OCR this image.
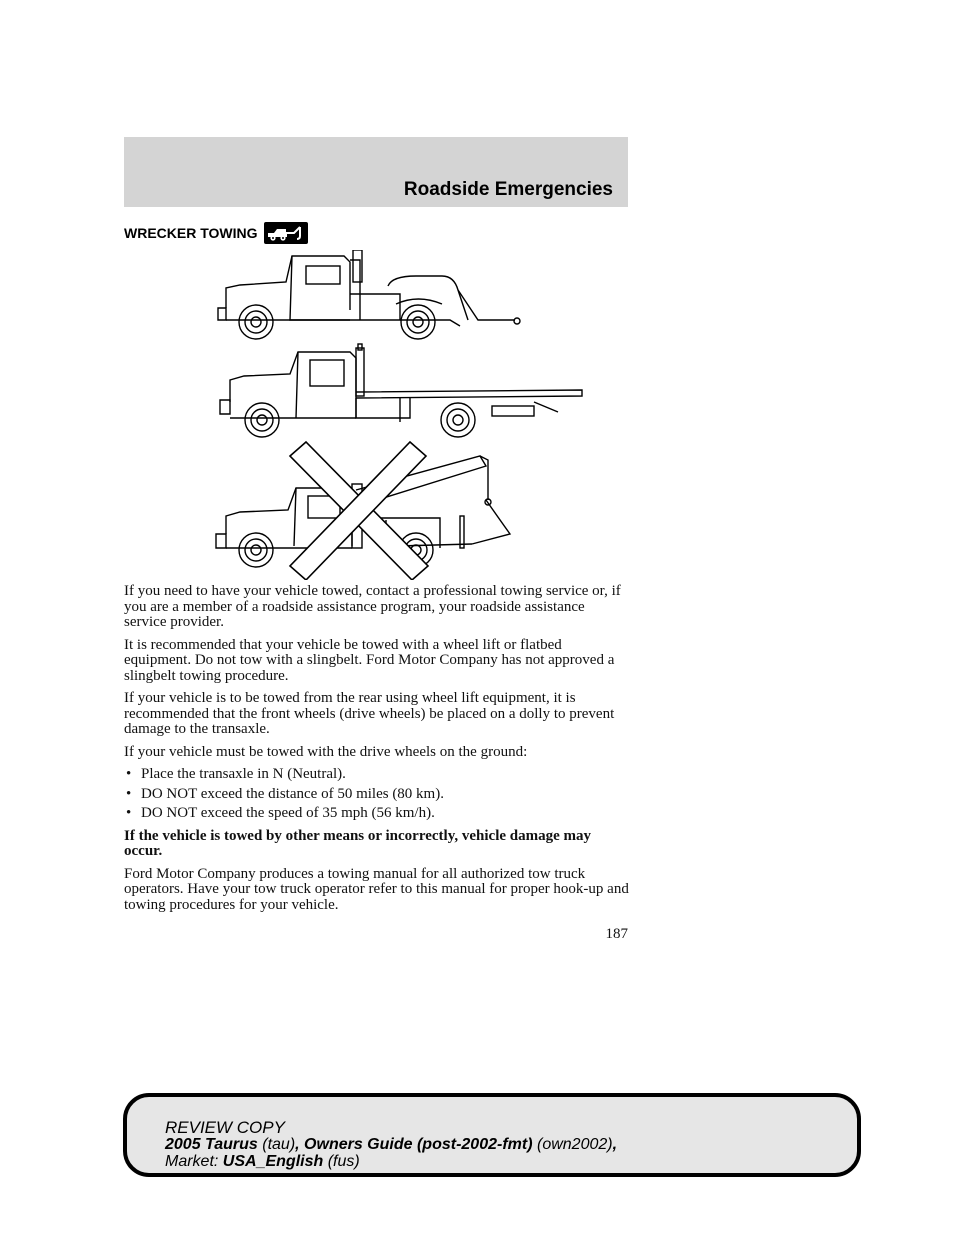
Roadside Emergencies
WRECKER TOWING

If you need to have your vehicle towed, contact a professional towing service or, if you are a member of a roadside assistance program, your roadside assistance service provider.

It is recommended that your vehicle be towed with a wheel lift or flatbed equipment. Do not tow with a slingbelt. Ford Motor Company has not approved a slingbelt towing procedure.

If your vehicle is to be towed from the rear using wheel lift equipment, it is recommended that the front wheels (drive wheels) be placed on a dolly to prevent damage to the transaxle.

If your vehicle must be towed with the drive wheels on the ground:

• Place the transaxle in N (Neutral).
• DO NOT exceed the distance of 50 miles (80 km).
• DO NOT exceed the speed of 35 mph (56 km/h).

If the vehicle is towed by other means or incorrectly, vehicle damage may occur.

Ford Motor Company produces a towing manual for all authorized tow truck operators. Have your tow truck operator refer to this manual for proper hook-up and towing procedures for your vehicle.

187
REVIEW COPY
2005 Taurus (tau), Owners Guide (post-2002-fmt) (own2002),
Market: USA_English (fus)
